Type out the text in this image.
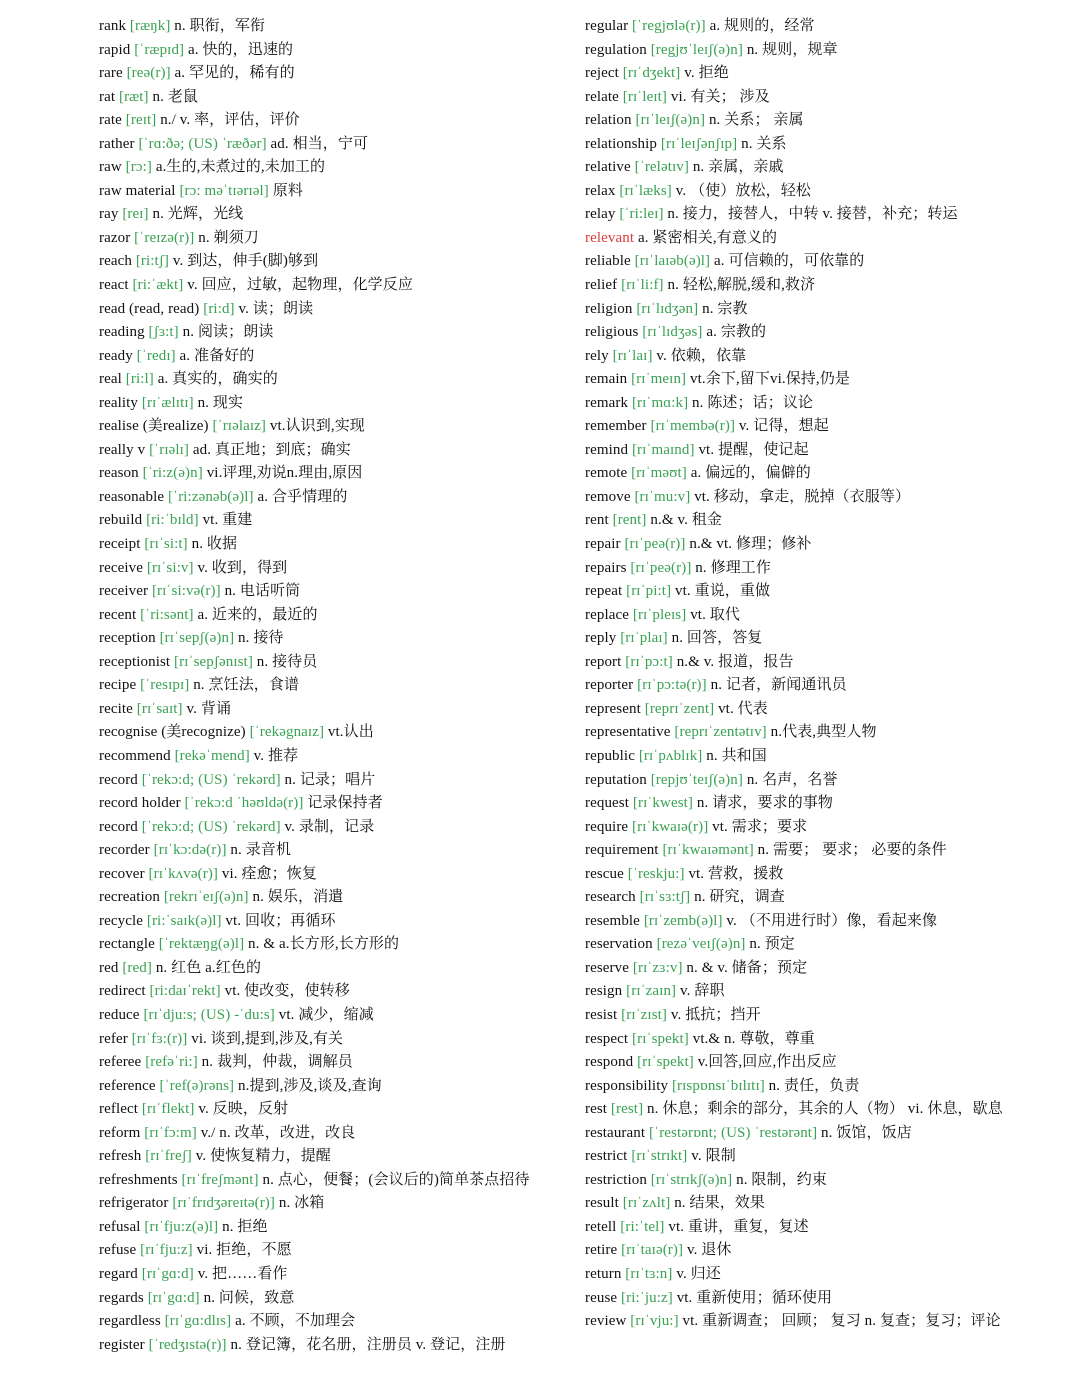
rank [ræŋk] n. 职衔，军衔
rapid [ˈræpɪd] a. 快的，迅速的
rare [reə(r)] a. 罕见的，稀有的
rat [ræt] n. 老鼠
rate [reɪt] n./ v. 率，评估，评价
rather [ˈrɑ:ðə; (US) ˈræðər] ad. 相当，宁可
raw [rɔ:] a.生的,未煮过的,未加工的
raw material [rɔ: məˈtɪərɪəl] 原料
ray [reɪ] n. 光辉，光线
razor [ˈreɪzə(r)] n. 剃须刀
reach [ri:tʃ] v. 到达，伸手(脚)够到
react [ri:ˈækt] v. 回应，过敏，起物理，化学反应
read (read, read) [ri:d] v. 读；朗读
reading [ʃɜ:t] n. 阅读；朗读
ready [ˈredɪ] a. 准备好的
real [ri:l] a. 真实的，确实的
reality [rɪˈælɪtɪ] n. 现实
realise (美realize) [ˈrɪəlaɪz] vt.认识到,实现
really v [ˈrɪəlɪ] ad. 真正地；到底；确实
reason [ˈri:z(ə)n] vi.评理,劝说n.理由,原因
reasonable [ˈri:zənəb(ə)l] a. 合乎情理的
rebuild [ri:ˈbɪld] vt. 重建
receipt [rɪˈsi:t] n. 收据
receive [rɪˈsi:v] v. 收到，得到
receiver [rɪˈsi:və(r)] n. 电话听筒
recent [ˈri:sənt] a. 近来的，最近的
reception [rɪˈsepʃ(ə)n] n. 接待
receptionist [rɪˈsepʃənɪst] n. 接待员
recipe [ˈresɪpɪ] n. 烹饪法，食谱
recite [rɪˈsaɪt] v. 背诵
recognise (美recognize) [ˈrekəgnaɪz] vt.认出
recommend [rekəˈmend] v. 推荐
record [ˈrekɔ:d; (US) ˈrekərd] n. 记录；唱片
record holder [ˈrekɔ:d ˈhəʊldə(r)] 记录保持者
record [ˈrekɔ:d; (US) ˈrekərd] v. 录制，记录
recorder [rɪˈkɔ:də(r)] n. 录音机
recover [rɪˈkʌvə(r)] vi. 痊愈；恢复
recreation [rekrɪˈeɪʃ(ə)n] n. 娱乐，消遣
recycle [ri:ˈsaɪk(ə)l] vt. 回收；再循环
rectangle [ˈrektæŋg(ə)l] n. & a.长方形,长方形的
red [red] n. 红色 a.红色的
redirect [ri:daɪˈrekt] vt. 使改变，使转移
reduce [rɪˈdju:s; (US) -ˈdu:s] vt. 减少，缩减
refer [rɪˈfɜ:(r)] vi. 谈到,提到,涉及,有关
referee [refəˈri:] n. 裁判，仲裁，调解员
reference [ˈref(ə)rəns] n.提到,涉及,谈及,查询
reflect [rɪˈflekt] v. 反映，反射
reform [rɪˈfɔ:m] v./ n. 改革，改进，改良
refresh [rɪˈfreʃ] v. 使恢复精力，提醒
refreshments [rɪˈfreʃmənt] n. 点心，便餐；(会议后的)简单茶点招待
refrigerator [rɪˈfrɪdʒəreɪtə(r)] n. 冰箱
refusal [rɪˈfju:z(ə)l] n. 拒绝
refuse [rɪˈfju:z] vi. 拒绝，不愿
regard [rɪˈgɑ:d] v. 把……看作
regards [rɪˈgɑ:d] n. 问候，致意
regardless [rɪˈgɑ:dlɪs] a. 不顾，不加理会
register [ˈredʒɪstə(r)] n. 登记簿，花名册，注册员 v. 登记，注册
regular [ˈregjʊlə(r)] a. 规则的，经常
regulation [regjʊˈleɪʃ(ə)n] n. 规则，规章
reject [rɪˈdʒekt] v. 拒绝
relate [rɪˈleɪt] vi. 有关； 涉及
relation [rɪˈleɪʃ(ə)n] n. 关系； 亲属
relationship [rɪˈleɪʃənʃɪp] n. 关系
relative [ˈrelətɪv] n. 亲属，亲戚
relax [rɪˈlæks] v. （使）放松，轻松
relay [ˈri:leɪ] n. 接力，接替人，中转 v. 接替，补充；转运
relevant a. 紧密相关,有意义的
reliable [rɪˈlaɪəb(ə)l] a. 可信赖的，可依靠的
relief [rɪˈli:f] n. 轻松,解脱,缓和,救济
religion [rɪˈlɪdʒən] n. 宗教
religious [rɪˈlɪdʒəs] a. 宗教的
rely [rɪˈlaɪ] v. 依赖，依靠
remain [rɪˈmeɪn] vt.余下,留下vi.保持,仍是
remark [rɪˈmɑ:k] n. 陈述；话；议论
remember [rɪˈmembə(r)] v. 记得，想起
remind [rɪˈmaɪnd] vt. 提醒，使记起
remote [rɪˈməʊt] a. 偏远的，偏僻的
remove [rɪˈmu:v] vt. 移动，拿走，脱掉（衣服等）
rent [rent] n.& v. 租金
repair [rɪˈpeə(r)] n.& vt. 修理；修补
repairs [rɪˈpeə(r)] n. 修理工作
repeat [rɪˈpi:t] vt. 重说，重做
replace [rɪˈpleɪs] vt. 取代
reply [rɪˈplaɪ] n. 回答，答复
report [rɪˈpɔ:t] n.& v. 报道，报告
reporter [rɪˈpɔ:tə(r)] n. 记者，新闻通讯员
represent [reprɪˈzent] vt. 代表
representative [reprɪˈzentətɪv] n.代表,典型人物
republic [rɪˈpʌblɪk] n. 共和国
reputation [repjʊˈteɪʃ(ə)n] n. 名声，名誉
request [rɪˈkwest] n. 请求，要求的事物
require [rɪˈkwaɪə(r)] vt. 需求；要求
requirement [rɪˈkwaɪəmənt] n. 需要； 要求； 必要的条件
rescue [ˈreskju:] vt. 营救，援救
research [rɪˈsɜ:tʃ] n. 研究，调查
resemble [rɪˈzemb(ə)l] v. （不用进行时）像，看起来像
reservation [rezəˈveɪʃ(ə)n] n. 预定
reserve [rɪˈzɜ:v] n. & v. 储备；预定
resign [rɪˈzaɪn] v. 辞职
resist [rɪˈzɪst] v. 抵抗；挡开
respect [rɪˈspekt] vt.& n. 尊敬，尊重
respond [rɪˈspekt] v.回答,回应,作出反应
responsibility [rɪspɒnsɪˈbɪlɪtɪ] n. 责任，负责
rest [rest] n. 休息；剩余的部分，其余的人（物） vi. 休息，歇息
restaurant [ˈrestərɒnt; (US) ˈrestərənt] n. 饭馆，饭店
restrict [rɪˈstrɪkt] v. 限制
restriction [rɪˈstrɪkʃ(ə)n] n. 限制，约束
result [rɪˈzʌlt] n. 结果，效果
retell [ri:ˈtel] vt. 重讲，重复，复述
retire [rɪˈtaɪə(r)] v. 退休
return [rɪˈtɜ:n] v. 归还
reuse [ri:ˈju:z] vt. 重新使用；循环使用
review [rɪˈvju:] vt. 重新调查； 回顾； 复习 n. 复查；复习；评论
